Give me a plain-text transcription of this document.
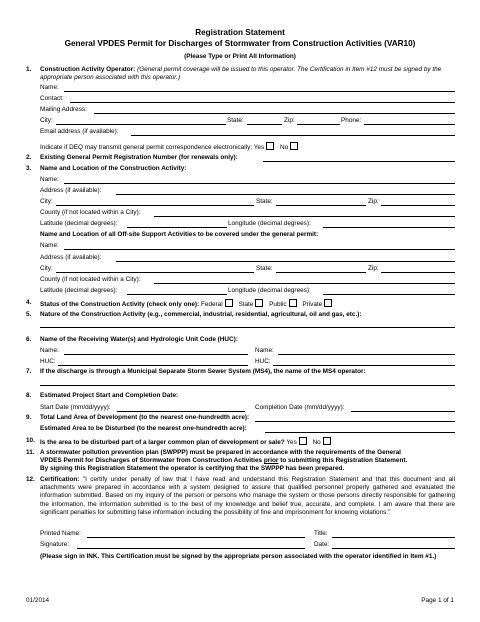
Registration Statement
General VPDES Permit for Discharges of Stormwater from Construction Activities (VAR10)
(Please Type or Print All Information)
1. Construction Activity Operator: (General permit coverage will be issued to this operator. The Certification in Item #12 must be signed by the appropriate person associated with this operator.)
Name:
Contact:
Mailing Address:
City:	State:	Zip:	Phone:
Email address (if available):
Indicate if DEQ may transmit general permit correspondence electronically: Yes No
2. Existing General Permit Registration Number (for renewals only):
3. Name and Location of the Construction Activity:
Name:
Address (if available):
City:	State:	Zip:
County (if not located within a City):
Latitude (decimal degrees):	Longitude (decimal degrees):
Name and Location of all Off-site Support Activities to be covered under the general permit:
Name:
Address (if available):
City:	State:	Zip:
County (if not located within a City):
Latitude (decimal degrees):	Longitude (decimal degrees):
4. Status of the Construction Activity (check only one): Federal State Public Private
5. Nature of the Construction Activity (e.g., commercial, industrial, residential, agricultural, oil and gas, etc.):
6. Name of the Receiving Water(s) and Hydrologic Unit Code (HUC):
Name:	Name:
HUC:	HUC:
7. If the discharge is through a Municipal Separate Storm Sewer System (MS4), the name of the MS4 operator:
8. Estimated Project Start and Completion Date:
Start Date (mm/dd/yyyy):	Completion Date (mm/dd/yyyy):
9. Total Land Area of Development (to the nearest one-hundredth acre):
Estimated Area to be Disturbed (to the nearest one-hundredth acre):
10. Is the area to be disturbed part of a larger common plan of development or sale? Yes No
11. A stormwater pollution prevention plan (SWPPP) must be prepared in accordance with the requirements of the General
VPDES Permit for Discharges of Stormwater from Construction Activities prior to submitting this Registration Statement.
By signing this Registration Statement the operator is certifying that the SWPPP has been prepared.
12. Certification: "I certify under penalty of law that I have read and understand this Registration Statement and that this document and all attachments were prepared in accordance with a system designed to assure that qualified personnel properly gathered and evaluated the information submitted. Based on my inquiry of the person or persons who manage the system or those persons directly responsible for gathering the information, the information submitted is to the best of my knowledge and belief true, accurate, and complete. I am aware that there are significant penalties for submitting false information including the possibility of fine and imprisonment for knowing violations."
Printed Name:	Title:
Signature:	Date:
(Please sign in INK. This Certification must be signed by the appropriate person associated with the operator identified in Item #1.)
01/2014	Page 1 of 1
